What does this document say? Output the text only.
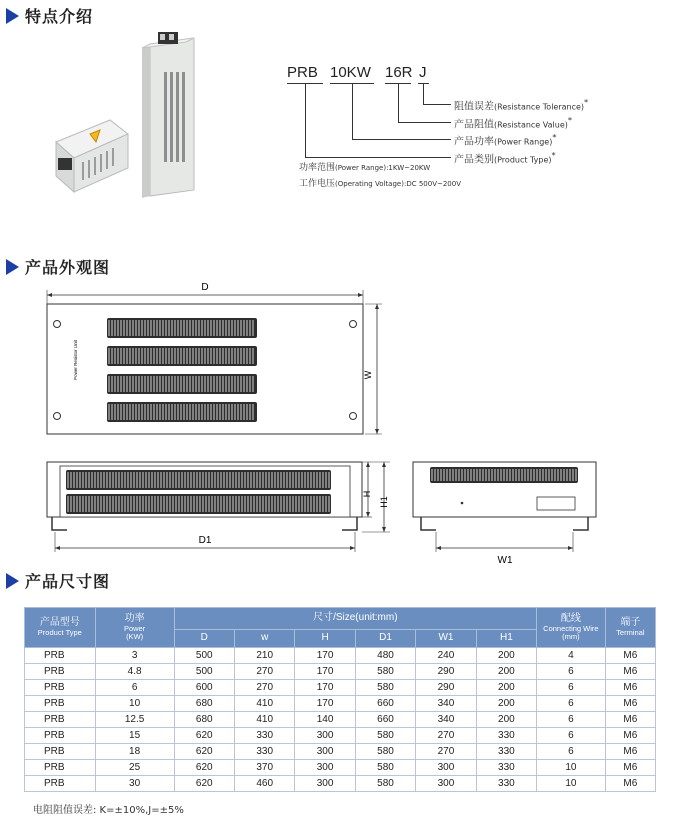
特点介绍
PRB 10KW 16R J
阻值误差(Resistance Tolerance)*
产品阻值(Resistance Value)*
产品功率(Power Range)*
产品类别(Product Type)*
功率范围(Power Range):1KW~20KW
工作电压(Operating Voltage):DC 500V~200V
产品外观图
D
Power Resistor Unit	W
H
H1
D1
W1
产品尺寸图
产品型号
Product Type	功率
Power
(KW)	尺寸/Size(unit:mm)						配线
Connecting Wire
(mm)	端子
Terminal

		D	w	H	D1	W1	H1		
PRB	3	500	210	170	480	240	200	4	M6
PRB	4.8	500	270	170	580	290	200	6	M6
PRB	6	600	270	170	580	290	200	6	M6
PRB	10	680	410	170	660	340	200	6	M6
PRB	12.5	680	410	140	660	340	200	6	M6
PRB	15	620	330	300	580	270	330	6	M6
PRB	18	620	330	300	580	270	330	6	M6
PRB	25	620	370	300	580	300	330	10	M6
PRB	30	620	460	300	580	300	330	10	M6
电阻阻值误差: K=±10%,J=±5%
